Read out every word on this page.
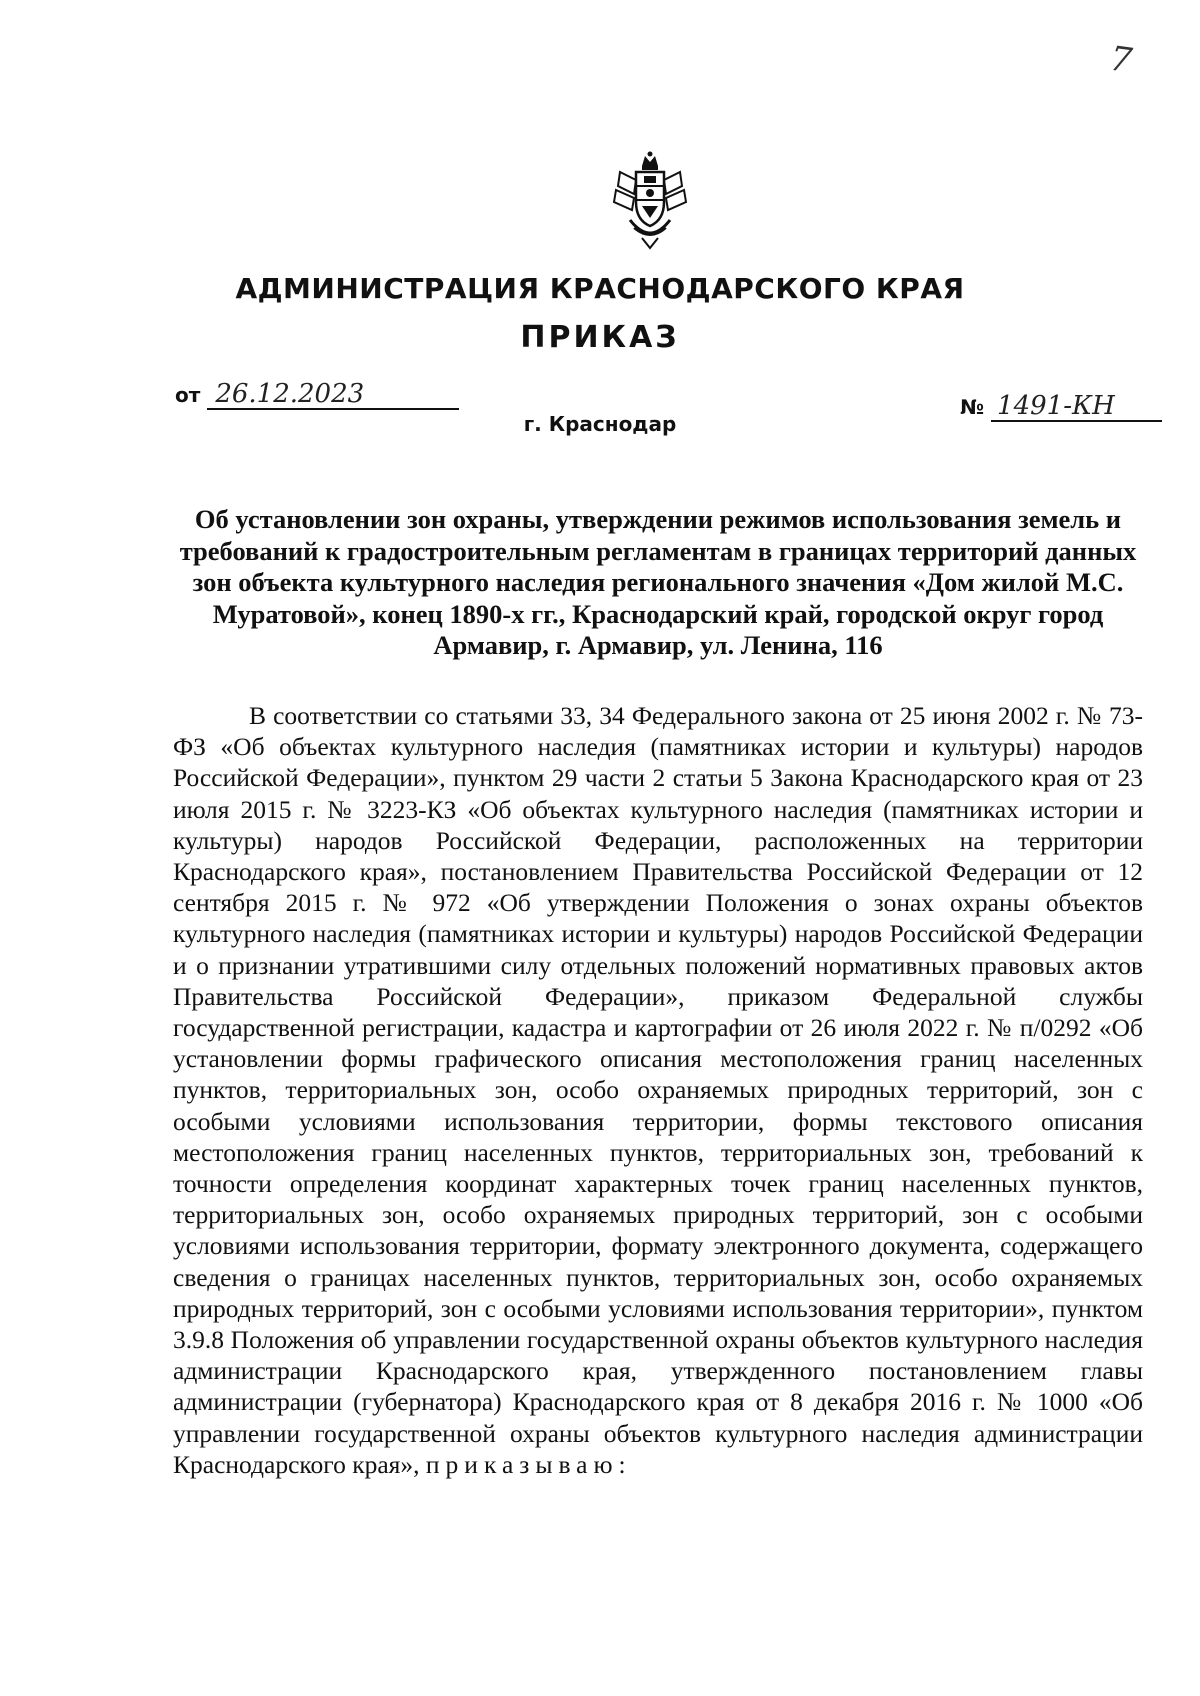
7
АДМИНИСТРАЦИЯ КРАСНОДАРСКОГО КРАЯ
ПРИКАЗ
от 26.12.2023	№ 1491-КН
г. Краснодар
Об установлении зон охраны, утверждении режимов использования земель и требований к градостроительным регламентам в границах территорий данных зон объекта культурного наследия регионального значения «Дом жилой М.С. Муратовой», конец 1890-х гг., Краснодарский край, городской округ город Армавир, г. Армавир, ул. Ленина, 116
В соответствии со статьями 33, 34 Федерального закона от 25 июня 2002 г. № 73-ФЗ «Об объектах культурного наследия (памятниках истории и культуры) народов Российской Федерации», пунктом 29 части 2 статьи 5 Закона Краснодарского края от 23 июля 2015 г. № 3223-КЗ «Об объектах культурного наследия (памятниках истории и культуры) народов Российской Федерации, расположенных на территории Краснодарского края», постановлением Правительства Российской Федерации от 12 сентября 2015 г. № 972 «Об утверждении Положения о зонах охраны объектов культурного наследия (памятниках истории и культуры) народов Российской Федерации и о признании утратившими силу отдельных положений нормативных правовых актов Правительства Российской Федерации», приказом Федеральной службы государственной регистрации, кадастра и картографии от 26 июля 2022 г. № п/0292 «Об установлении формы графического описания местоположения границ населенных пунктов, территориальных зон, особо охраняемых природных территорий, зон с особыми условиями использования территории, формы текстового описания местоположения границ населенных пунктов, территориальных зон, требований к точности определения координат характерных точек границ населенных пунктов, территориальных зон, особо охраняемых природных территорий, зон с особыми условиями использования территории, формату электронного документа, содержащего сведения о границах населенных пунктов, территориальных зон, особо охраняемых природных территорий, зон с особыми условиями использования территории», пунктом 3.9.8 Положения об управлении государственной охраны объектов культурного наследия администрации Краснодарского края, утвержденного постановлением главы администрации (губернатора) Краснодарского края от 8 декабря 2016 г. № 1000 «Об управлении государственной охраны объектов культурного наследия администрации Краснодарского края», приказываю:
